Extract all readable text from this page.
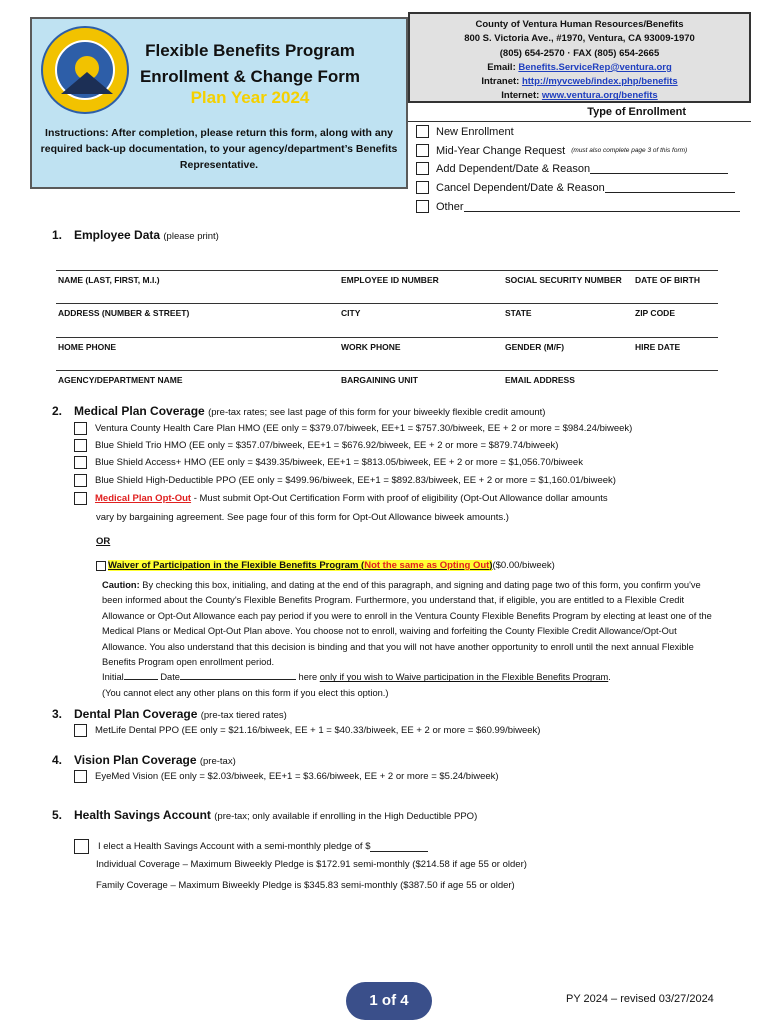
Flexible Benefits Program
Enrollment & Change Form
Plan Year 2024
Instructions: After completion, please return this form, along with any required back-up documentation, to your agency/department’s Benefits Representative.
County of Ventura Human Resources/Benefits
800 S. Victoria Ave., #1970, Ventura, CA 93009-1970
(805) 654-2570 · FAX (805) 654-2665
Email: Benefits.ServiceRep@ventura.org
Intranet: http://myvcweb/index.php/benefits
Internet: www.ventura.org/benefits
Type of Enrollment
New Enrollment
Mid-Year Change Request (must also complete page 3 of this form)
Add Dependent/Date & Reason
Cancel Dependent/Date & Reason
Other
1. Employee Data (please print)
NAME (LAST, FIRST, M.I.)	EMPLOYEE ID NUMBER	SOCIAL SECURITY NUMBER DATE OF BIRTH
ADDRESS (NUMBER & STREET)	CITY	STATE	ZIP CODE
HOME PHONE	WORK PHONE	GENDER (M/F)	HIRE DATE
AGENCY/DEPARTMENT NAME	BARGAINING UNIT	EMAIL ADDRESS
2. Medical Plan Coverage (pre-tax rates; see last page of this form for your biweekly flexible credit amount)
Ventura County Health Care Plan HMO (EE only = $379.07/biweek, EE+1 = $757.30/biweek, EE + 2 or more = $984.24/biweek)
Blue Shield Trio HMO (EE only = $357.07/biweek, EE+1 = $676.92/biweek, EE + 2 or more = $879.74/biweek)
Blue Shield Access+ HMO (EE only = $439.35/biweek, EE+1 = $813.05/biweek, EE + 2 or more = $1,056.70/biweek
Blue Shield High-Deductible PPO (EE only = $499.96/biweek, EE+1 = $892.83/biweek, EE + 2 or more = $1,160.01/biweek)
Medical Plan Opt-Out - Must submit Opt-Out Certification Form with proof of eligibility (Opt-Out Allowance dollar amounts
vary by bargaining agreement. See page four of this form for Opt-Out Allowance biweek amounts.)
OR
Waiver of Participation in the Flexible Benefits Program (Not the same as Opting Out) ($0.00/biweek)
Caution: By checking this box, initialing, and dating at the end of this paragraph, and signing and dating page two of this form, you confirm you've been informed about the County's Flexible Benefits Program. Furthermore, you understand that, if eligible, you are entitled to a Flexible Credit Allowance or Opt-Out Allowance each pay period if you were to enroll in the Ventura County Flexible Benefits Program by electing at least one of the Medical Plans or Medical Opt-Out Plan above. You choose not to enroll, waiving and forfeiting the County Flexible Credit Allowance/Opt-Out Allowance. You also understand that this decision is binding and that you will not have another opportunity to enroll until the next annual Flexible Benefits Program open enrollment period.
Initial	Date	here only if you wish to Waive participation in the Flexible Benefits Program.
(You cannot elect any other plans on this form if you elect this option.)
3. Dental Plan Coverage (pre-tax tiered rates)
MetLife Dental PPO (EE only = $21.16/biweek, EE + 1 = $40.33/biweek, EE + 2 or more = $60.99/biweek)
4. Vision Plan Coverage (pre-tax)
EyeMed Vision (EE only = $2.03/biweek, EE+1 = $3.66/biweek, EE + 2 or more = $5.24/biweek)
5. Health Savings Account (pre-tax; only available if enrolling in the High Deductible PPO)
I elect a Health Savings Account with a semi-monthly pledge of $
Individual Coverage – Maximum Biweekly Pledge is $172.91 semi-monthly ($214.58 if age 55 or older)
Family Coverage – Maximum Biweekly Pledge is $345.83 semi-monthly ($387.50 if age 55 or older)
1 of 4	PY 2024 – revised 03/27/2024
